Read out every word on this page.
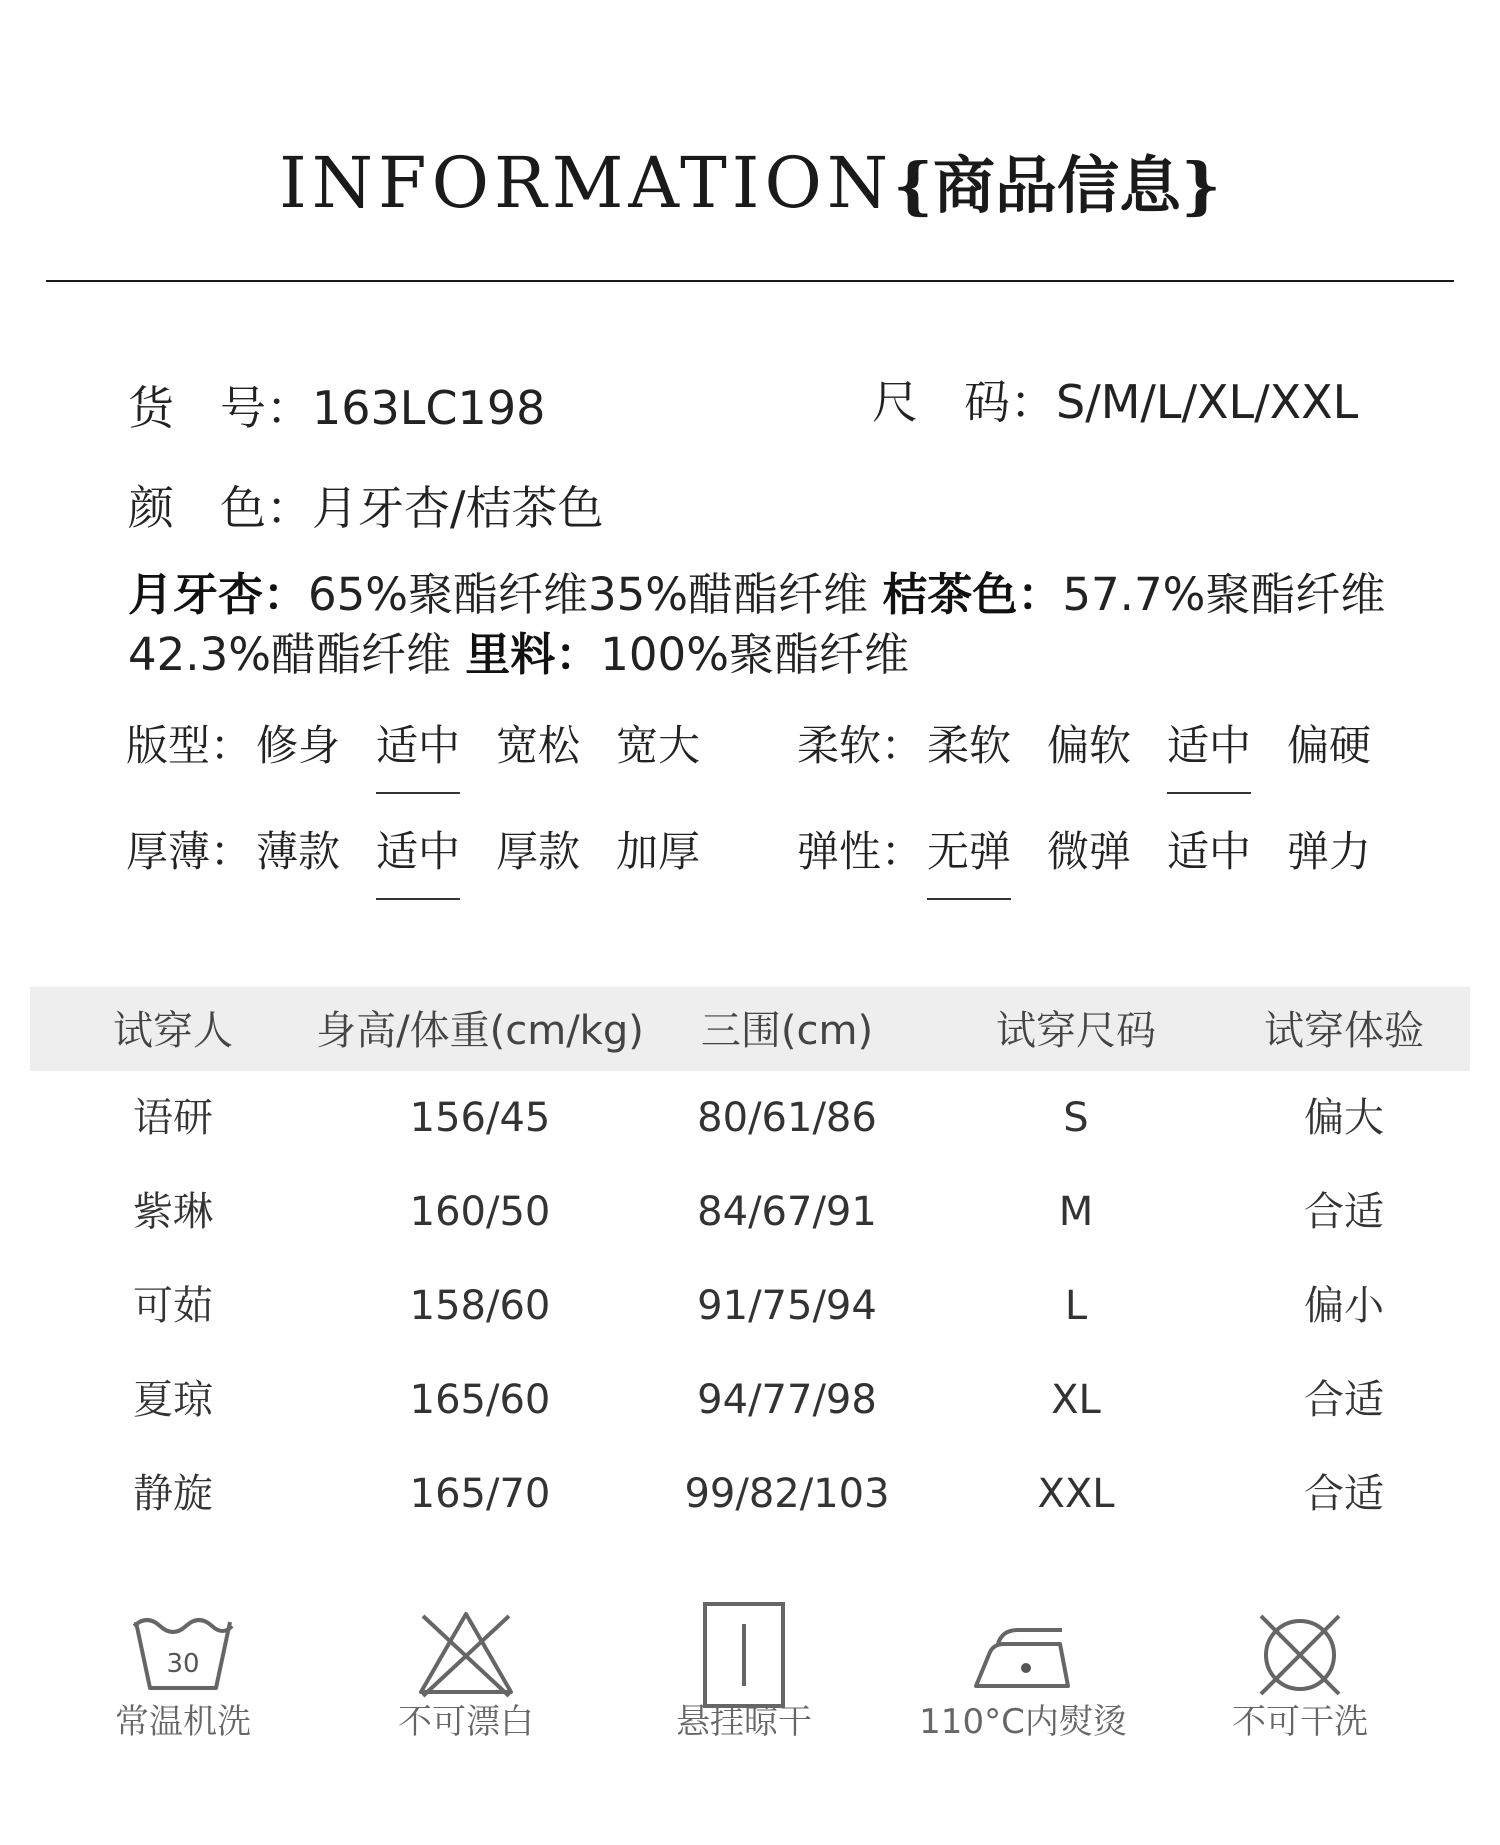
INFORMATION{商品信息}
货　号：163LC198	尺　码：S/M/L/XL/XXL
颜　色：月牙杏/桔茶色
月牙杏：65%聚酯纤维35%醋酯纤维 桔茶色：57.7%聚酯纤维42.3%醋酯纤维 里料：100%聚酯纤维
版型： 修身 适中 宽松 宽大 柔软： 柔软 偏软 适中 偏硬
厚薄： 薄款 适中 厚款 加厚 弹性： 无弹 微弹 适中 弹力
试穿人 身高/体重(cm/kg) 三围(cm)	试穿尺码	试穿体验
语研	156/45	80/61/86	S	偏大
紫琳	160/50	84/67/91	M	合适
可茹	158/60	91/75/94	L	偏小
夏琼	165/60	94/77/98	XL	合适
静旋	165/70	99/82/103	XXL	合适
30
常温机洗	不可漂白	悬挂晾干	110°C内熨烫	不可干洗
